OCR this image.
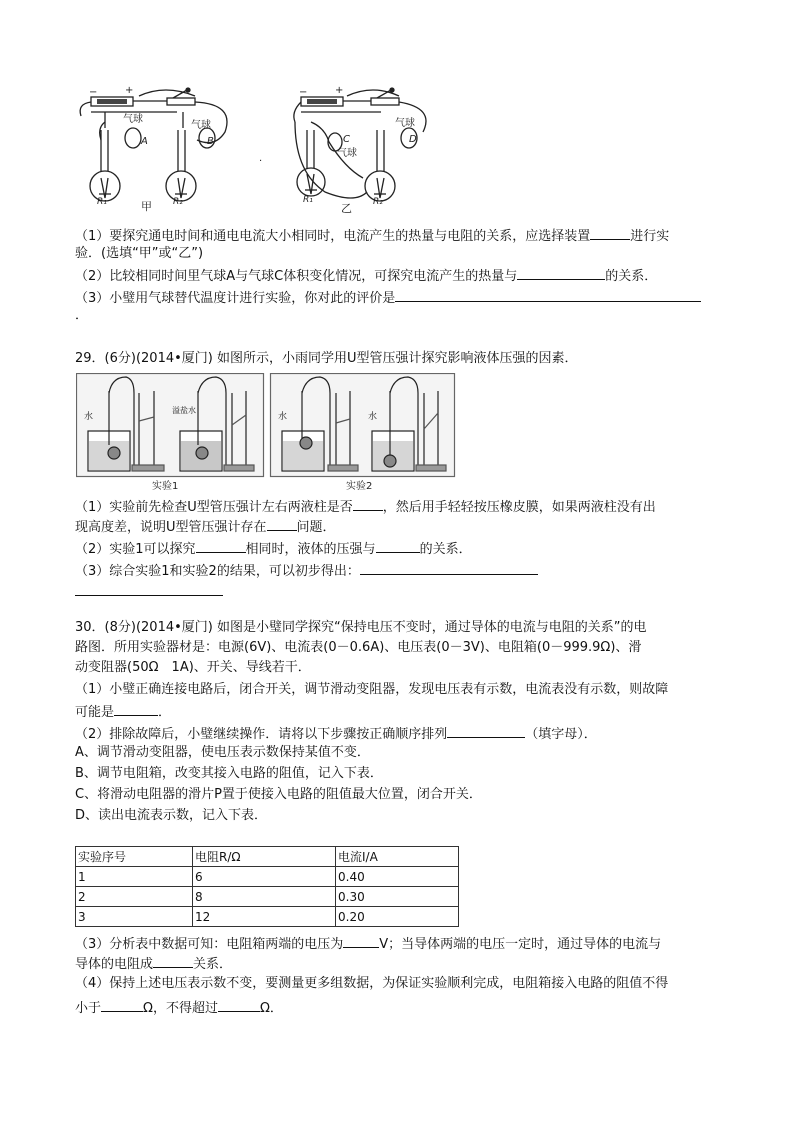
−	+
气球
A
气球
B
R₁	R₂
甲
·
−	+
C
气球
气球
D
R₁	R₂
乙
（1）要探究通电时间和通电电流大小相同时，电流产生的热量与电阻的关系，应选择装置	进行实
验．(选填“甲”或“乙”)
（2）比较相同时间里气球A与气球C体积变化情况，可探究电流产生的热量与	的关系．
（3）小璧用气球替代温度计进行实验，你对此的评价是
．
29．(6分)(2014•厦门) 如图所示，小雨同学用U型管压强计探究影响液体压强的因素．
水
溢盐水
实验1
水	水
实验2
（1）实验前先检查U型管压强计左右两液柱是否 ，然后用手轻轻按压橡皮膜，如果两液柱没有出
现高度差，说明U型管压强计存在 问题．
（2）实验1可以探究	相同时，液体的压强与	的关系．
（3）综合实验1和实验2的结果，可以初步得出：
30．(8分)(2014•厦门) 如图是小璧同学探究“保持电压不变时，通过导体的电流与电阻的关系”的电
路图．所用实验器材是：电源(6V)、电流表(0－0.6A)、电压表(0－3V)、电阻箱(0－999.9Ω)、滑
动变阻器(50Ω　1A)、开关、导线若干．
（1）小璧正确连接电路后，闭合开关，调节滑动变阻器，发现电压表有示数，电流表没有示数，则故障
可能是	．
（2）排除故障后，小璧继续操作．请将以下步骤按正确顺序排列	（填字母）．
A、调节滑动变阻器，使电压表示数保持某值不变．
B、调节电阻箱，改变其接入电路的阻值，记入下表．
C、将滑动电阻器的滑片P置于使接入电路的阻值最大位置，闭合开关．
D、读出电流表示数，记入下表．
实验序号	电阻R/Ω	电流I/A
1	6	0.40
2	8	0.30
3	12	0.20
（3）分析表中数据可知：电阻箱两端的电压为	V；当导体两端的电压一定时，通过导体的电流与
导体的电阻成	关系．
（4）保持上述电压表示数不变，要测量更多组数据，为保证实验顺利完成，电阻箱接入电路的阻值不得
小于	Ω，不得超过	Ω．
